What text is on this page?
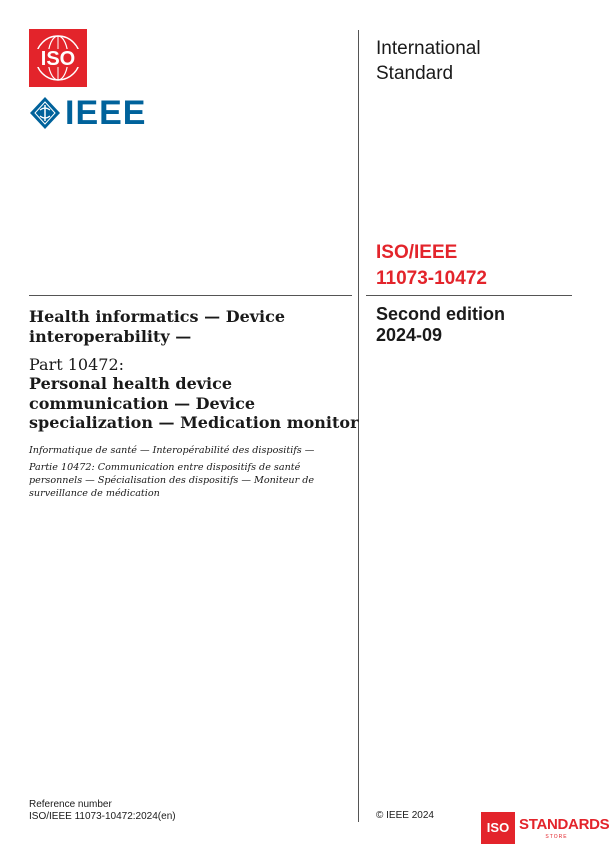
ISO
IEEE
International
Standard
ISO/IEEE
11073-10472
Second edition
2024-09
Health informatics — Device
interoperability —
Part 10472:
Personal health device
communication — Device
specialization — Medication monitor
Informatique de santé — Interopérabilité des dispositifs —
Partie 10472: Communication entre dispositifs de santé
personnels — Spécialisation des dispositifs — Moniteur de
surveillance de médication
Reference number
ISO/IEEE 11073-10472:2024(en)	© IEEE 2024
ISO STANDARDS
STORE
